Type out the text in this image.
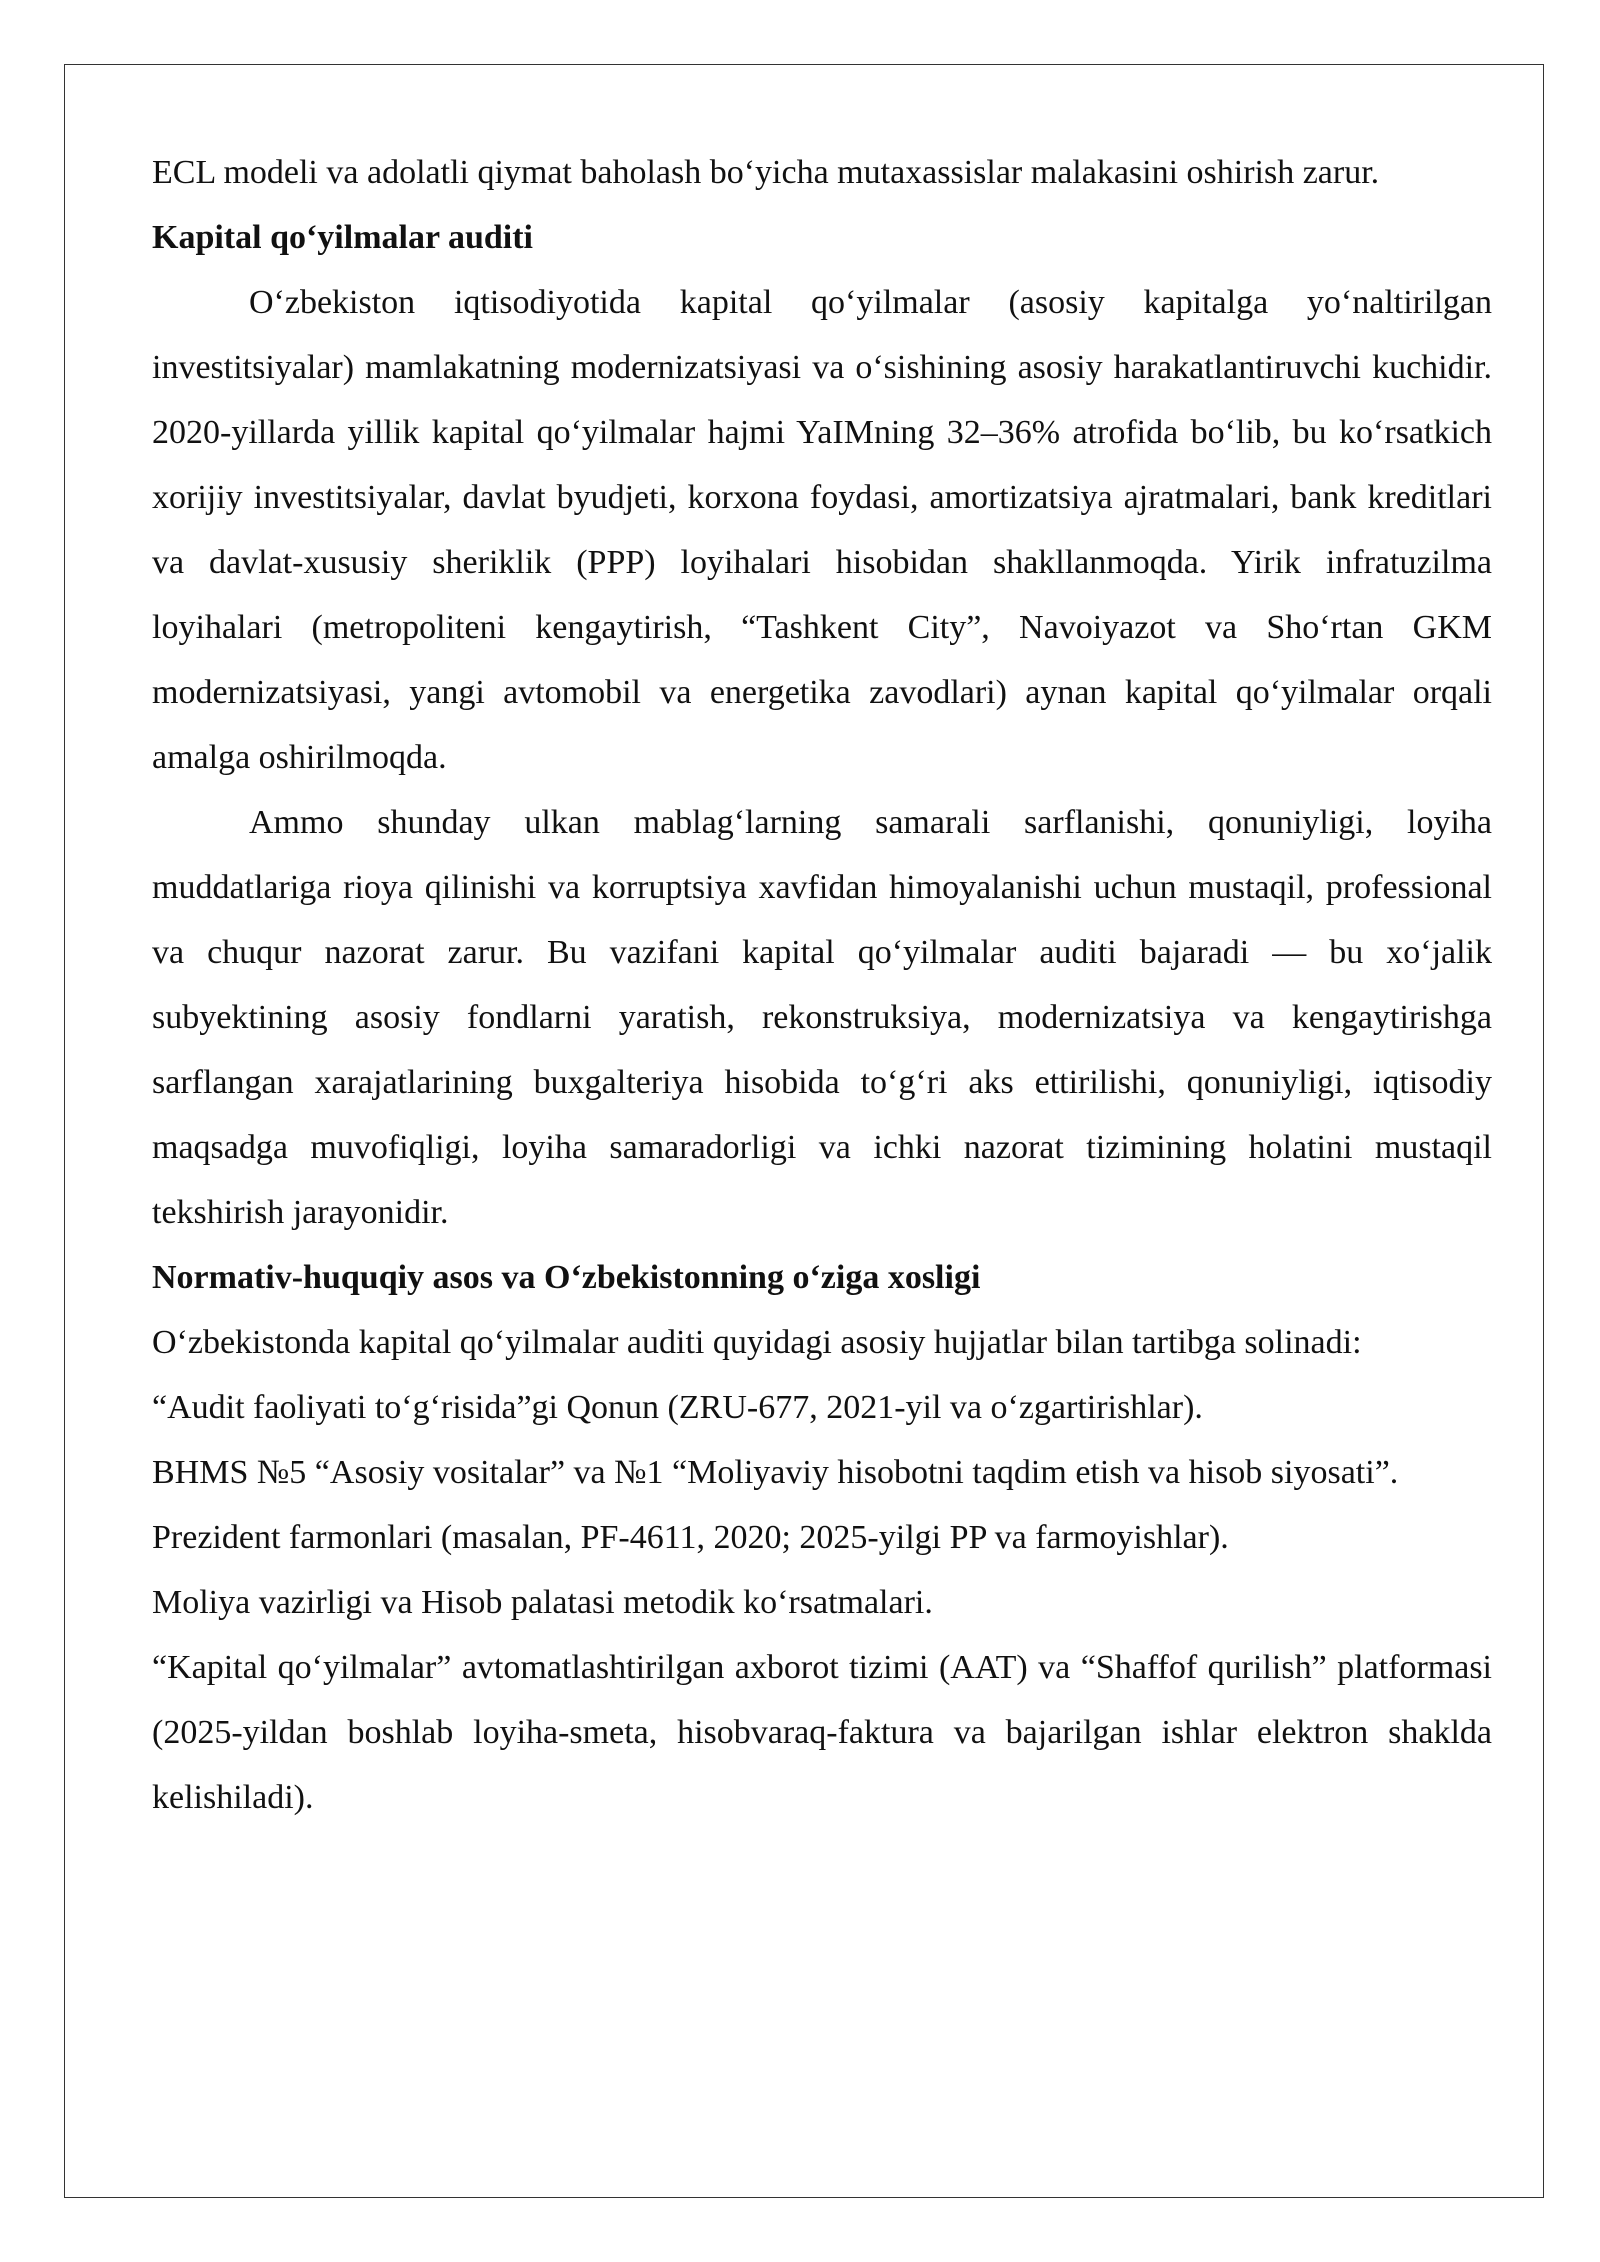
ECL modeli va adolatli qiymat baholash bo‘yicha mutaxassislar malakasini oshirish zarur.

Kapital qo‘yilmalar auditi

O‘zbekiston iqtisodiyotida kapital qo‘yilmalar (asosiy kapitalga yo‘naltirilgan investitsiyalar) mamlakatning modernizatsiyasi va o‘sishining asosiy harakatlantiruvchi kuchidir. 2020-yillarda yillik kapital qo‘yilmalar hajmi YaIMning 32–36% atrofida bo‘lib, bu ko‘rsatkich xorijiy investitsiyalar, davlat byudjeti, korxona foydasi, amortizatsiya ajratmalari, bank kreditlari va davlat-xususiy sheriklik (PPP) loyihalari hisobidan shakllanmoqda. Yirik infratuzilma loyihalari (metropoliteni kengaytirish, “Tashkent City”, Navoiyazot va Sho‘rtan GKM modernizatsiyasi, yangi avtomobil va energetika zavodlari) aynan kapital qo‘yilmalar orqali amalga oshirilmoqda.

Ammo shunday ulkan mablag‘larning samarali sarflanishi, qonuniyligi, loyiha muddatlariga rioya qilinishi va korruptsiya xavfidan himoyalanishi uchun mustaqil, professional va chuqur nazorat zarur. Bu vazifani kapital qo‘yilmalar auditi bajaradi — bu xo‘jalik subyektining asosiy fondlarni yaratish, rekonstruksiya, modernizatsiya va kengaytirishga sarflangan xarajatlarining buxgalteriya hisobida to‘g‘ri aks ettirilishi, qonuniyligi, iqtisodiy maqsadga muvofiqligi, loyiha samaradorligi va ichki nazorat tizimining holatini mustaqil tekshirish jarayonidir.

Normativ-huquqiy asos va O‘zbekistonning o‘ziga xosligi

O‘zbekistonda kapital qo‘yilmalar auditi quyidagi asosiy hujjatlar bilan tartibga solinadi:

“Audit faoliyati to‘g‘risida”gi Qonun (ZRU-677, 2021-yil va o‘zgartirishlar).

BHMS №5 “Asosiy vositalar” va №1 “Moliyaviy hisobotni taqdim etish va hisob siyosati”.

Prezident farmonlari (masalan, PF-4611, 2020; 2025-yilgi PP va farmoyishlar).

Moliya vazirligi va Hisob palatasi metodik ko‘rsatmalari.

“Kapital qo‘yilmalar” avtomatlashtirilgan axborot tizimi (AAT) va “Shaffof qurilish” platformasi (2025-yildan boshlab loyiha-smeta, hisobvaraq-faktura va bajarilgan ishlar elektron shaklda kelishiladi).
